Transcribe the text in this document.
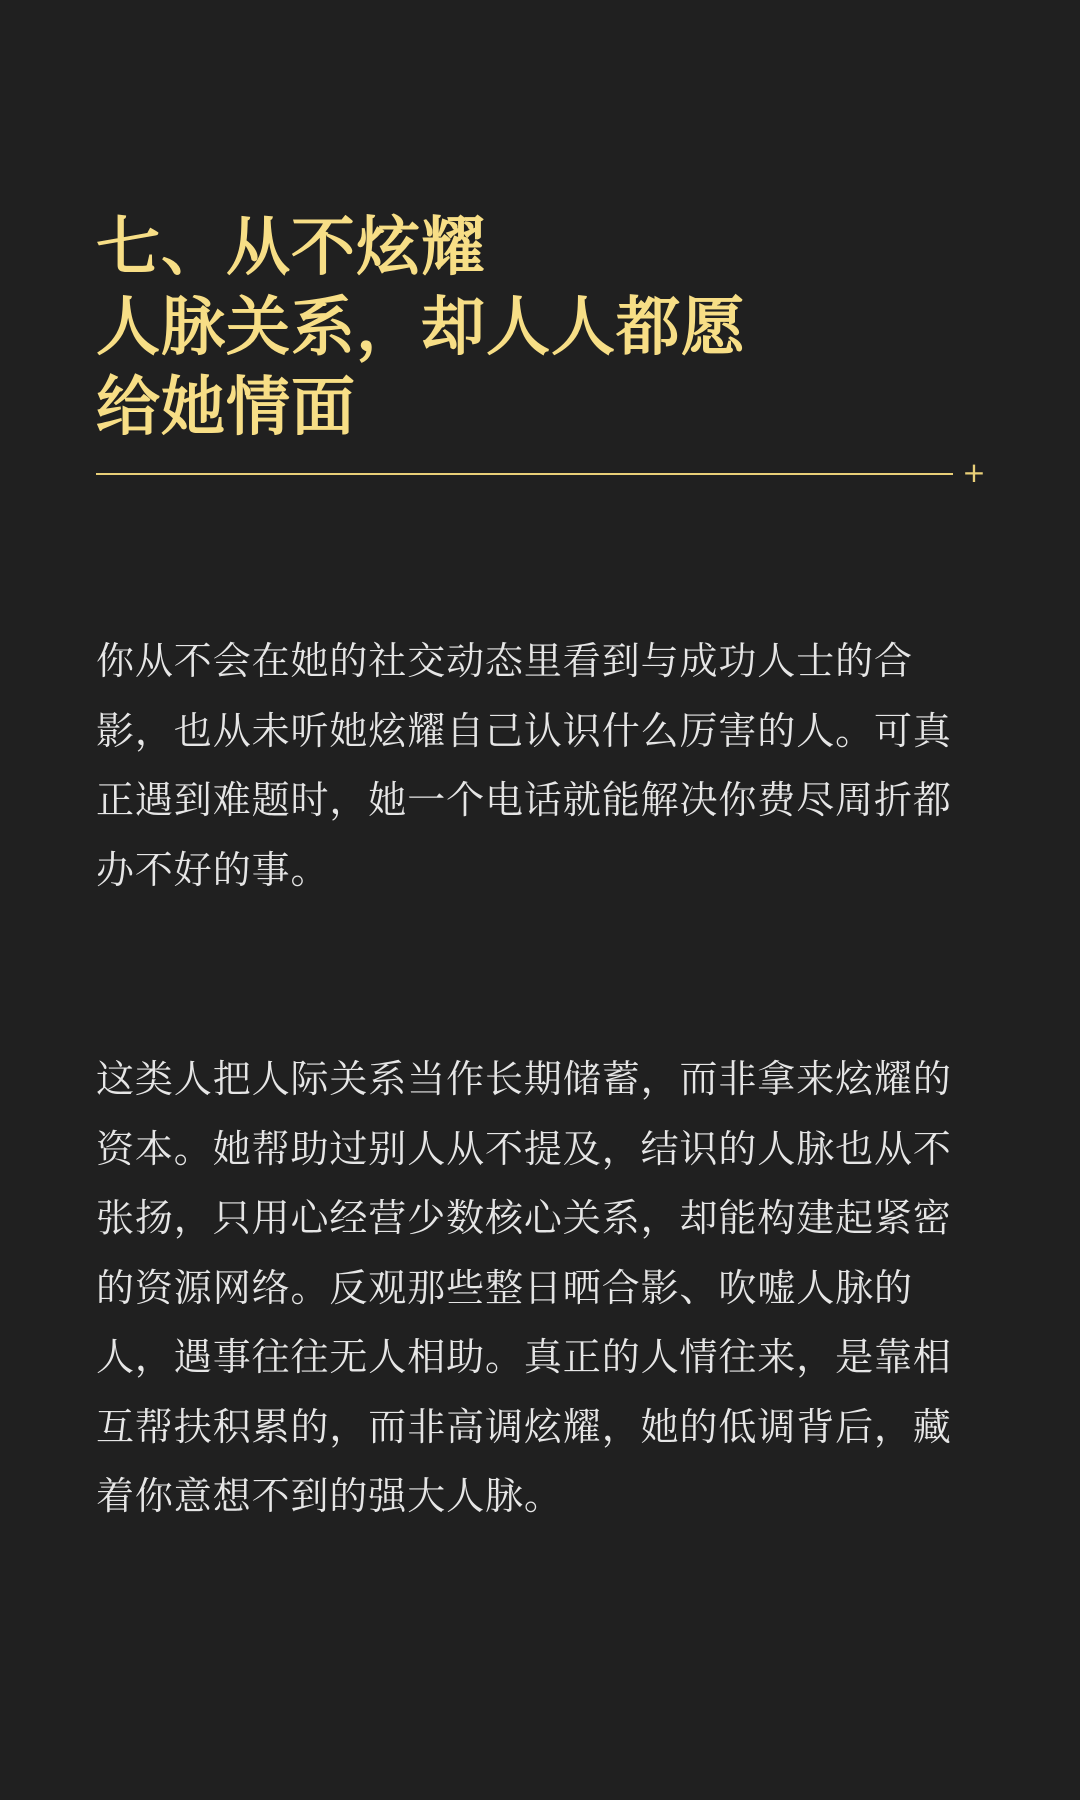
七、从不炫耀
人脉关系，却人人都愿
给她情面
+
你从不会在她的社交动态里看到与成功人士的合
影，也从未听她炫耀自己认识什么厉害的人。可真
正遇到难题时，她一个电话就能解决你费尽周折都
办不好的事。
这类人把人际关系当作长期储蓄，而非拿来炫耀的
资本。她帮助过别人从不提及，结识的人脉也从不
张扬，只用心经营少数核心关系，却能构建起紧密
的资源网络。反观那些整日晒合影、吹嘘人脉的
人，遇事往往无人相助。真正的人情往来，是靠相
互帮扶积累的，而非高调炫耀，她的低调背后，藏
着你意想不到的强大人脉。
